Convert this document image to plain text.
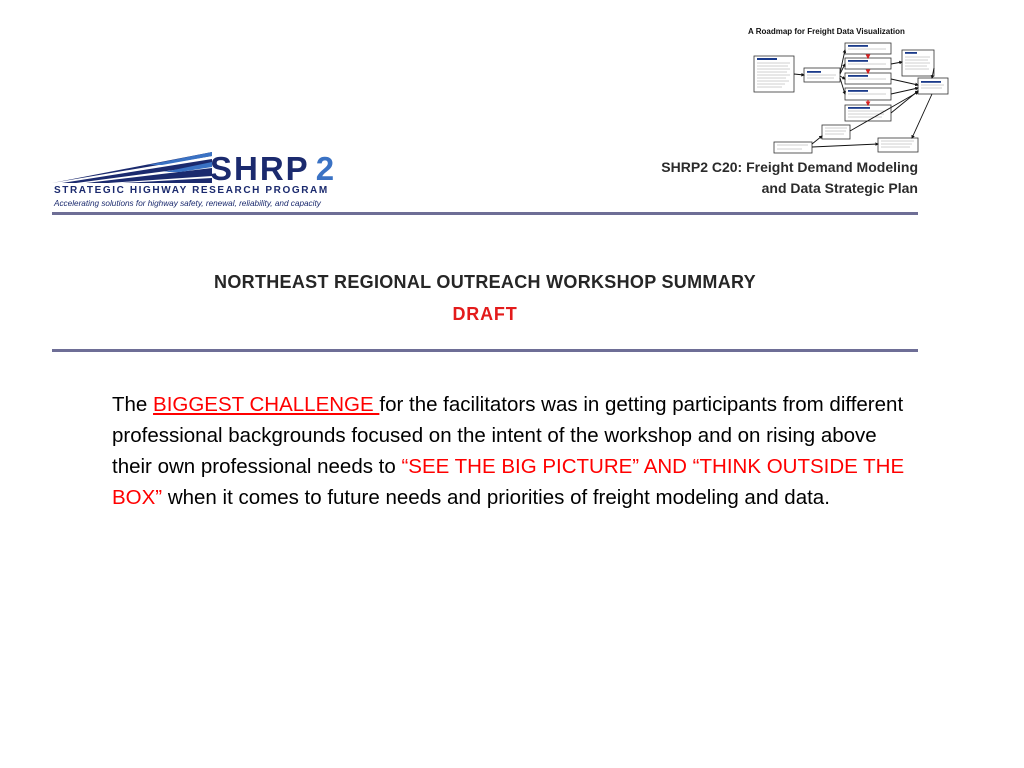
A Roadmap for Freight Data Visualization
SHRP 2
STRATEGIC HIGHWAY RESEARCH PROGRAM
Accelerating solutions for highway safety, renewal, reliability, and capacity
SHRP2 C20: Freight Demand Modeling
and Data Strategic Plan
NORTHEAST REGIONAL OUTREACH WORKSHOP SUMMARY
DRAFT
The BIGGEST CHALLENGE for the facilitators was in getting participants from different professional backgrounds focused on the intent of the workshop and on rising above their own professional needs to “SEE THE BIG PICTURE” AND “THINK OUTSIDE THE BOX” when it comes to future needs and priorities of freight modeling and data.
